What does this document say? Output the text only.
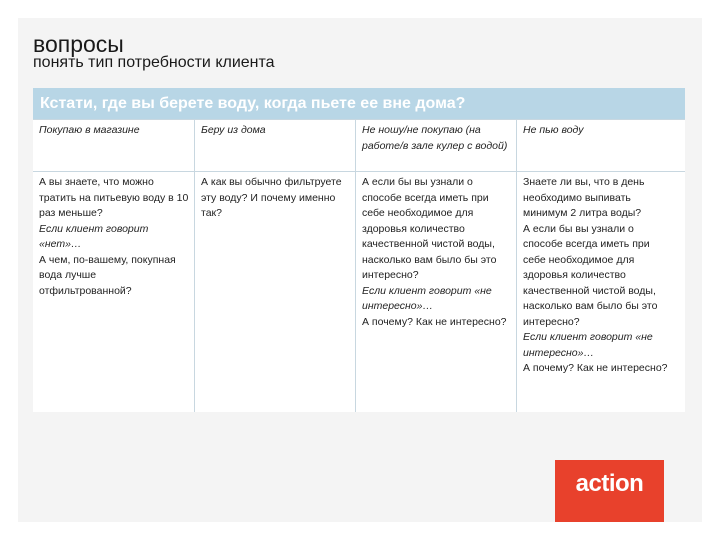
вопросы
понять тип потребности клиента
Кстати, где вы берете воду, когда пьете ее вне дома?
Покупаю в магазине	Беру из дома	Не ношу/не покупаю (на работе/в зале кулер с водой)
Не пью воду
А вы знаете, что можно тратить на питьевую воду в 10 раз меньше?
Если клиент говорит «нет»…
А чем, по-вашему, покупная вода лучше отфильтрованной?
А как вы обычно фильтруете эту воду? И почему именно так?
А если бы вы узнали о способе всегда иметь при себе необходимое для здоровья количество качественной чистой воды, насколько вам было бы это интересно?
Если клиент говорит «не интересно»…
А почему? Как не интересно?
Знаете ли вы, что в день необходимо выпивать минимум 2 литра воды?
А если бы вы узнали о способе всегда иметь при себе необходимое для здоровья количество качественной чистой воды, насколько вам было бы это интересно?
Если клиент говорит «не интересно»…
А почему? Как не интересно?
action
